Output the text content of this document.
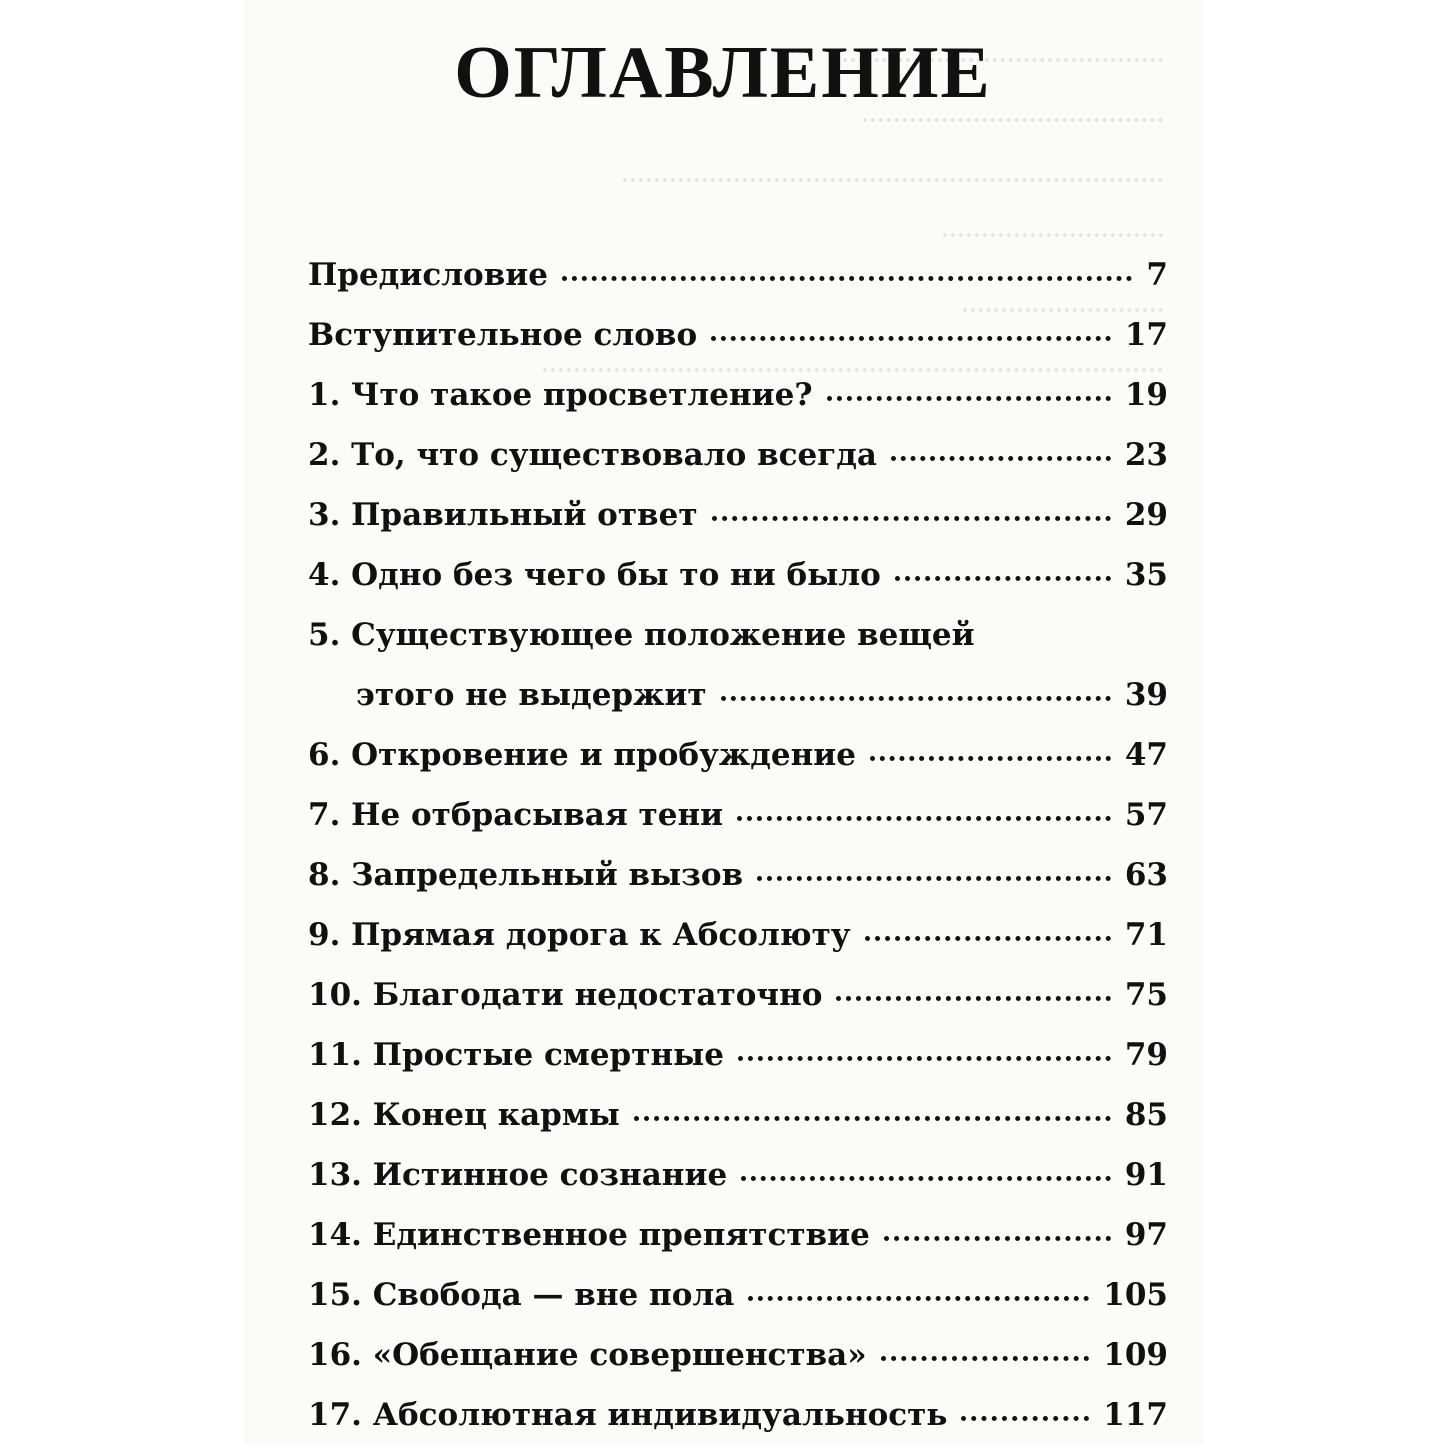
ОГЛАВЛЕНИЕ
Предисловие	7
Вступительное слово	17
1. Что такое просветление?	19
2. То, что существовало всегда	23
3. Правильный ответ	29
4. Одно без чего бы то ни было	35
5. Существующее положение вещей
этого не выдержит	39
6. Откровение и пробуждение	47
7. Не отбрасывая тени	57
8. Запредельный вызов	63
9. Прямая дорога к Абсолюту	71
10. Благодати недостаточно	75
11. Простые смертные	79
12. Конец кармы	85
13. Истинное сознание	91
14. Единственное препятствие	97
15. Свобода — вне пола	105
16. «Обещание совершенства»	109
17. Абсолютная индивидуальность	117
